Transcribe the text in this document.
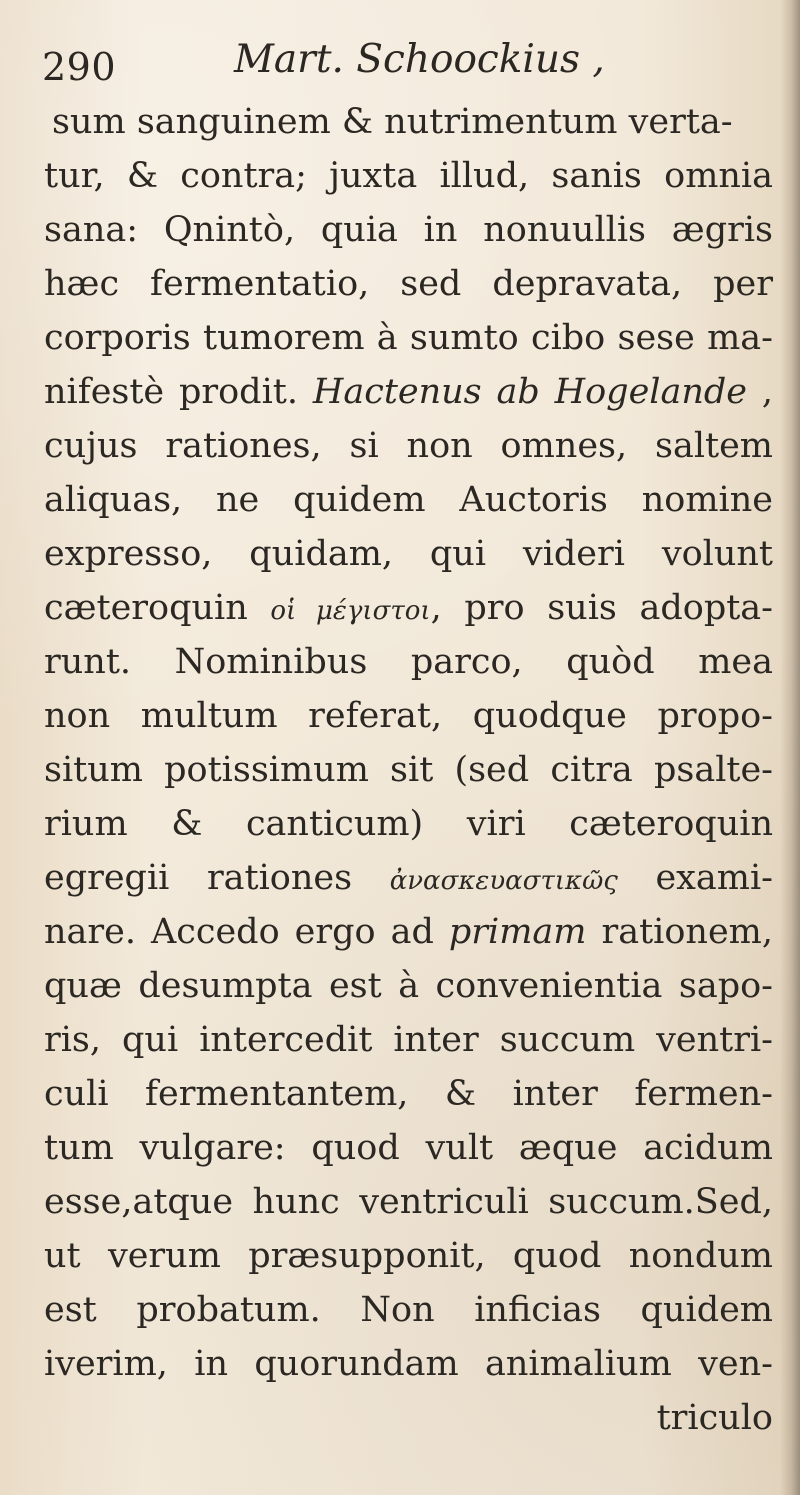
290	Mart. Schoockius ,
sum sanguinem & nutrimentum verta-
tur, & contra; juxta illud, sanis omnia
sana: Qnintò, quia in nonuullis ægris
hæc fermentatio, sed depravata, per
corporis tumorem à sumto cibo sese ma-
nifestè prodit. Hactenus ab Hogelande ,
cujus rationes, si non omnes, saltem
aliquas, ne quidem Auctoris nomine
expresso, quidam, qui videri volunt
cæteroquin οἱ μέγιστοι, pro suis adopta-
runt. Nominibus parco, quòd mea
non multum referat, quodque propo-
situm potissimum sit (sed citra psalte-
rium & canticum) viri cæteroquin
egregii rationes ἀνασκευαστικῶς exami-
nare. Accedo ergo ad primam rationem,
quæ desumpta est à convenientia sapo-
ris, qui intercedit inter succum ventri-
culi fermentantem, & inter fermen-
tum vulgare: quod vult æque acidum
esse,atque hunc ventriculi succum.Sed,
ut verum præsupponit, quod nondum
est probatum. Non inficias quidem
iverim, in quorundam animalium ven-
triculo
